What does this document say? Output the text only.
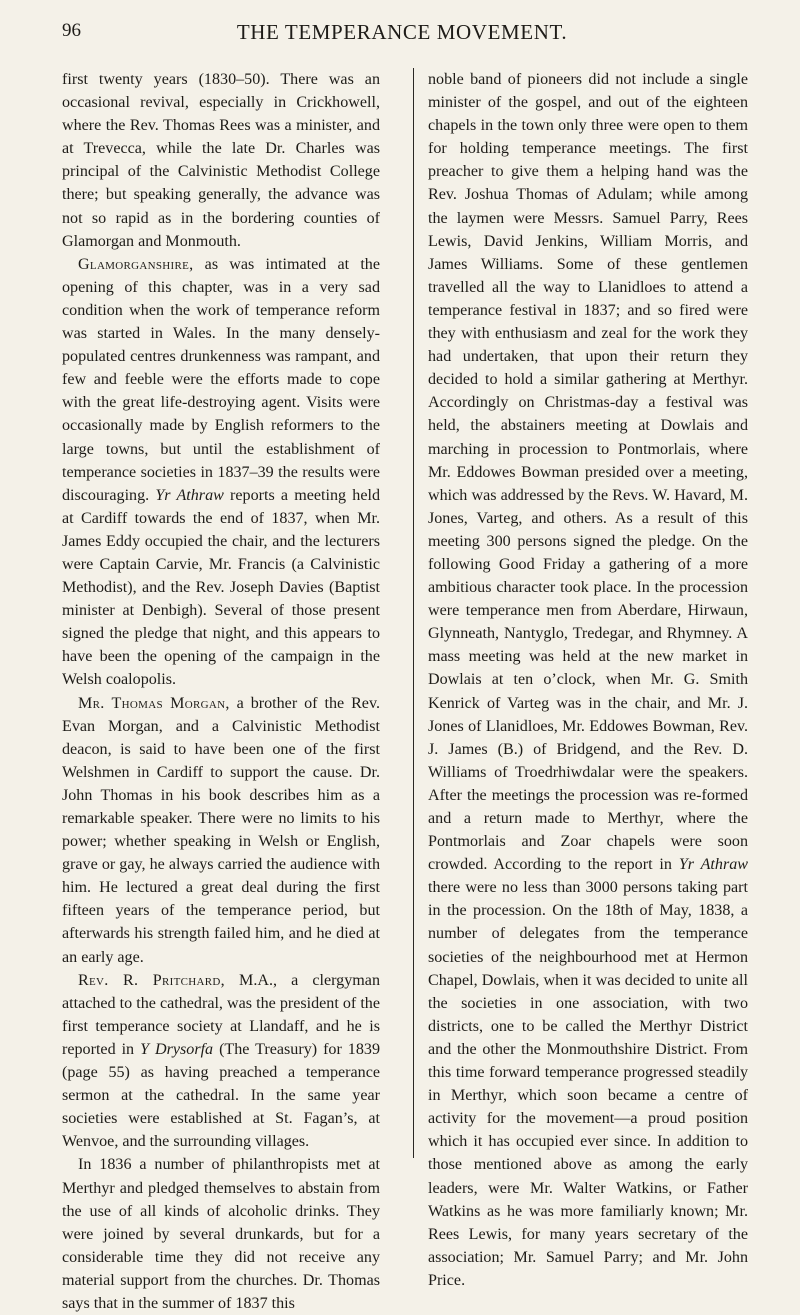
96	THE TEMPERANCE MOVEMENT.

first twenty years (1830–50). There was an occasional revival, especially in Crickhowell, where the Rev. Thomas Rees was a minister, and at Trevecca, while the late Dr. Charles was principal of the Calvinistic Methodist College there; but speaking generally, the advance was not so rapid as in the bordering counties of Glamorgan and Monmouth.

Glamorganshire, as was intimated at the opening of this chapter, was in a very sad condition when the work of temperance reform was started in Wales. In the many densely-populated centres drunkenness was rampant, and few and feeble were the efforts made to cope with the great life-destroying agent. Visits were occasionally made by English reformers to the large towns, but until the establishment of temperance societies in 1837–39 the results were discouraging. Yr Athraw reports a meeting held at Cardiff towards the end of 1837, when Mr. James Eddy occupied the chair, and the lecturers were Captain Carvie, Mr. Francis (a Calvinistic Methodist), and the Rev. Joseph Davies (Baptist minister at Denbigh). Several of those present signed the pledge that night, and this appears to have been the opening of the campaign in the Welsh coalopolis.

Mr. Thomas Morgan, a brother of the Rev. Evan Morgan, and a Calvinistic Methodist deacon, is said to have been one of the first Welshmen in Cardiff to support the cause. Dr. John Thomas in his book describes him as a remarkable speaker. There were no limits to his power; whether speaking in Welsh or English, grave or gay, he always carried the audience with him. He lectured a great deal during the first fifteen years of the temperance period, but afterwards his strength failed him, and he died at an early age.

Rev. R. Pritchard, M.A., a clergyman attached to the cathedral, was the president of the first temperance society at Llandaff, and he is reported in Y Drysorfa (The Treasury) for 1839 (page 55) as having preached a temperance sermon at the cathedral. In the same year societies were established at St. Fagan’s, at Wenvoe, and the surrounding villages.

In 1836 a number of philanthropists met at Merthyr and pledged themselves to abstain from the use of all kinds of alcoholic drinks. They were joined by several drunkards, but for a considerable time they did not receive any material support from the churches. Dr. Thomas says that in the summer of 1837 this

noble band of pioneers did not include a single minister of the gospel, and out of the eighteen chapels in the town only three were open to them for holding temperance meetings. The first preacher to give them a helping hand was the Rev. Joshua Thomas of Adulam; while among the laymen were Messrs. Samuel Parry, Rees Lewis, David Jenkins, William Morris, and James Williams. Some of these gentlemen travelled all the way to Llanidloes to attend a temperance festival in 1837; and so fired were they with enthusiasm and zeal for the work they had undertaken, that upon their return they decided to hold a similar gathering at Merthyr. Accordingly on Christmas-day a festival was held, the abstainers meeting at Dowlais and marching in procession to Pontmorlais, where Mr. Eddowes Bowman presided over a meeting, which was addressed by the Revs. W. Havard, M. Jones, Varteg, and others. As a result of this meeting 300 persons signed the pledge. On the following Good Friday a gathering of a more ambitious character took place. In the procession were temperance men from Aberdare, Hirwaun, Glynneath, Nantyglo, Tredegar, and Rhymney. A mass meeting was held at the new market in Dowlais at ten o’clock, when Mr. G. Smith Kenrick of Varteg was in the chair, and Mr. J. Jones of Llanidloes, Mr. Eddowes Bowman, Rev. J. James (B.) of Bridgend, and the Rev. D. Williams of Troedrhiwdalar were the speakers. After the meetings the procession was re-formed and a return made to Merthyr, where the Pontmorlais and Zoar chapels were soon crowded. According to the report in Yr Athraw there were no less than 3000 persons taking part in the procession. On the 18th of May, 1838, a number of delegates from the temperance societies of the neighbourhood met at Hermon Chapel, Dowlais, when it was decided to unite all the societies in one association, with two districts, one to be called the Merthyr District and the other the Monmouthshire District. From this time forward temperance progressed steadily in Merthyr, which soon became a centre of activity for the movement—a proud position which it has occupied ever since. In addition to those mentioned above as among the early leaders, were Mr. Walter Watkins, or Father Watkins as he was more familiarly known; Mr. Rees Lewis, for many years secretary of the association; Mr. Samuel Parry; and Mr. John Price.
